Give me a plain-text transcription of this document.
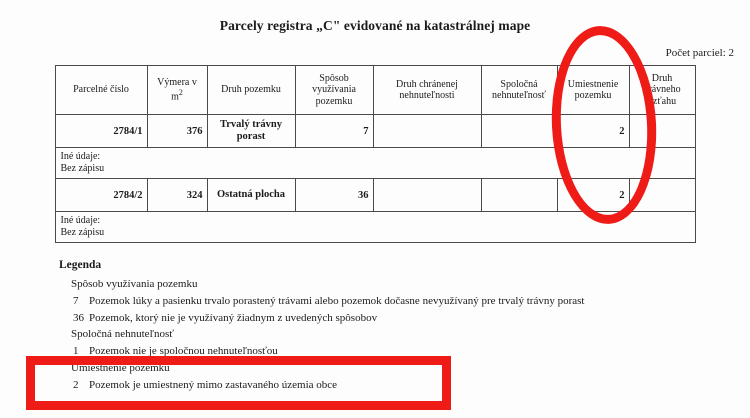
Parcely registra „C" evidované na katastrálnej mape
Počet parciel: 2
Parcelné číslo	Výmera v $m^2$	Druh pozemku	Spôsob využívania pozemku	Druh chránenej nehnuteľnosti	Spoločná nehnuteľnosť	Umiestnenie pozemku	Druh právneho vzťahu
2784/1	376	Trvalý trávny porast	7			2	
Iné údaje:
Bez zápisu							
2784/2	324	Ostatná plocha	36			2	
Iné údaje:
Bez zápisu							
Legenda
Spôsob využívania pozemku
7 Pozemok lúky a pasienku trvalo porastený trávami alebo pozemok dočasne nevyužívaný pre trvalý trávny porast
36 Pozemok, ktorý nie je využívaný žiadnym z uvedených spôsobov
Spoločná nehnuteľnosť
1 Pozemok nie je spoločnou nehnuteľnosťou
Umiestnenie pozemku
2 Pozemok je umiestnený mimo zastavaného územia obce
